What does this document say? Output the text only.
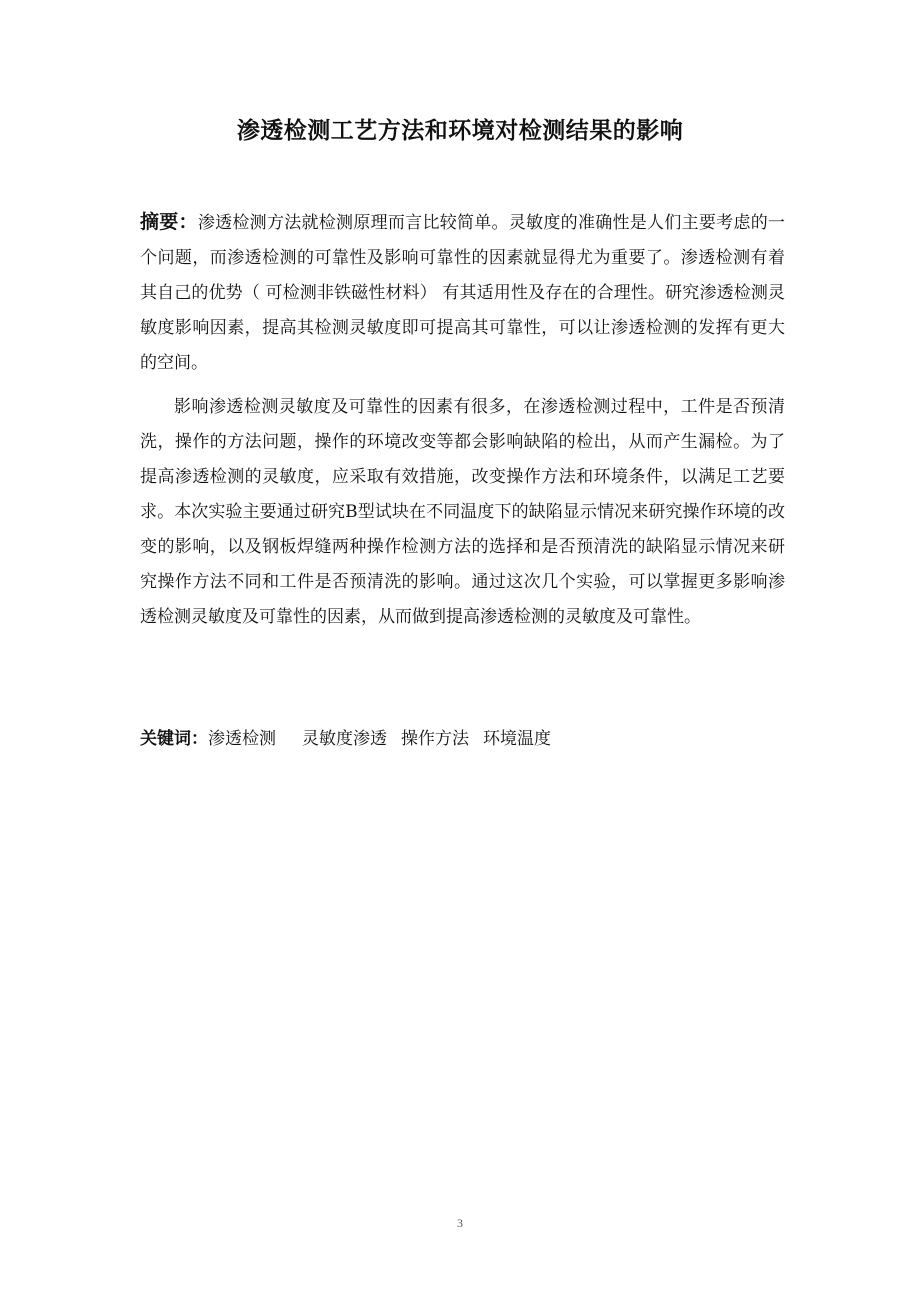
渗透检测工艺方法和环境对检测结果的影响
摘要：渗透检测方法就检测原理而言比较简单。灵敏度的准确性是人们主要考虑的一个问题，而渗透检测的可靠性及影响可靠性的因素就显得尤为重要了。渗透检测有着其自己的优势（ 可检测非铁磁性材料） 有其适用性及存在的合理性。研究渗透检测灵敏度影响因素，提高其检测灵敏度即可提高其可靠性，可以让渗透检测的发挥有更大的空间。
影响渗透检测灵敏度及可靠性的因素有很多，在渗透检测过程中，工件是否预清洗，操作的方法问题，操作的环境改变等都会影响缺陷的检出，从而产生漏检。为了提高渗透检测的灵敏度，应采取有效措施，改变操作方法和环境条件，以满足工艺要求。本次实验主要通过研究B型试块在不同温度下的缺陷显示情况来研究操作环境的改变的影响，以及钢板焊缝两种操作检测方法的选择和是否预清洗的缺陷显示情况来研究操作方法不同和工件是否预清洗的影响。通过这次几个实验，可以掌握更多影响渗透检测灵敏度及可靠性的因素，从而做到提高渗透检测的灵敏度及可靠性。
关键词：渗透检测 灵敏度渗透 操作方法 环境温度
3
